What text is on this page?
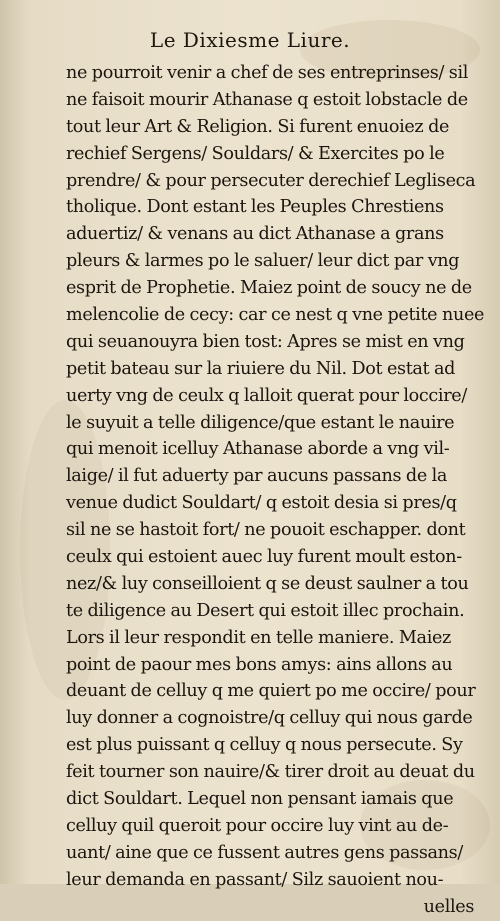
Le Dixiesme Liure.
ne pourroit venir a chef de ses entreprinses/ sil
ne faisoit mourir Athanase q estoit lobstacle de
tout leur Art & Religion. Si furent enuoiez de
rechief Sergens/ Souldars/ & Exercites po le
prendre/ & pour persecuter derechief Legliseca
tholique. Dont estant les Peuples Chrestiens
aduertiz/ & venans au dict Athanase a grans
pleurs & larmes po le saluer/ leur dict par vng
esprit de Prophetie. Maiez point de soucy ne de
melencolie de cecy: car ce nest q vne petite nuee
qui seuanouyra bien tost: Apres se mist en vng
petit bateau sur la riuiere du Nil. Dot estat ad
uerty vng de ceulx q lalloit querat pour loccire/
le suyuit a telle diligence/que estant le nauire
qui menoit icelluy Athanase aborde a vng vil-
laige/ il fut aduerty par aucuns passans de la
venue dudict Souldart/ q estoit desia si pres/q
sil ne se hastoit fort/ ne pouoit eschapper. dont
ceulx qui estoient auec luy furent moult eston-
nez/& luy conseilloient q se deust saulner a tou
te diligence au Desert qui estoit illec prochain.
Lors il leur respondit en telle maniere. Maiez
point de paour mes bons amys: ains allons au
deuant de celluy q me quiert po me occire/ pour
luy donner a cognoistre/q celluy qui nous garde
est plus puissant q celluy q nous persecute. Sy
feit tourner son nauire/& tirer droit au deuat du
dict Souldart. Lequel non pensant iamais que
celluy quil queroit pour occire luy vint au de-
uant/ aine que ce fussent autres gens passans/
leur demanda en passant/ Silz sauoient nou-
uelles
